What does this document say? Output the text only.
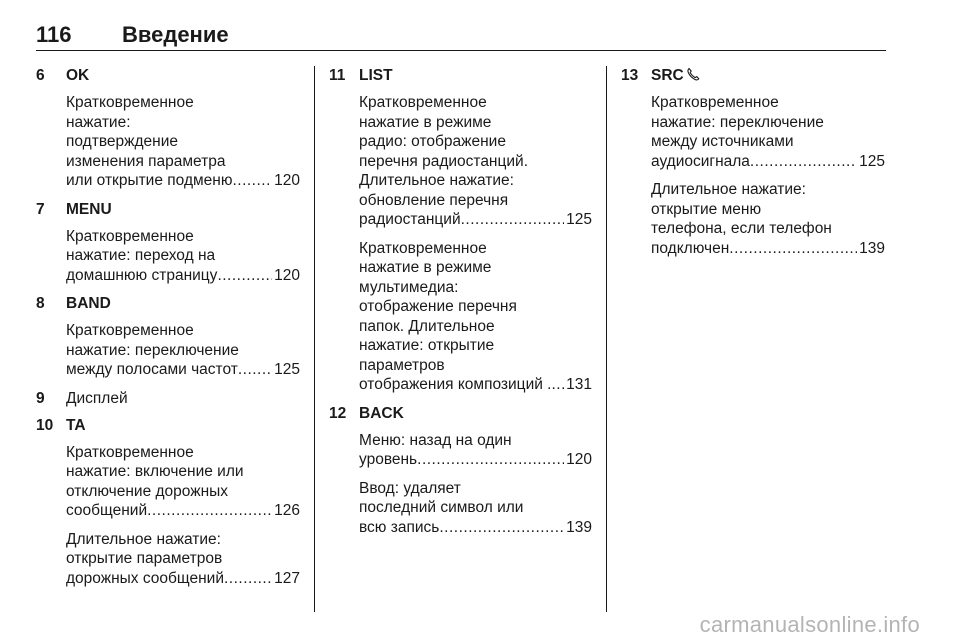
116 Введение
6 OK
Кратковременное
нажатие:
подтверждение
изменения параметра
или открытие подменю .....	120
7 MENU
Кратковременное
нажатие: переход на
домашнюю страницу .....	120
8 BAND
Кратковременное
нажатие: переключение
между полосами частот ..... 125
9 Дисплей
10 TA
Кратковременное
нажатие: включение или
отключение дорожных
сообщений .....	126
Длительное нажатие:
открытие параметров
дорожных сообщений .....	127
11 LIST
Кратковременное
нажатие в режиме
радио: отображение
перечня радиостанций.
Длительное нажатие:
обновление перечня
радиостанций .....	125
Кратковременное
нажатие в режиме
мультимедиа:
отображение перечня
папок. Длительное
нажатие: открытие
параметров
отображения композиций . ..... 131
12 BACK
Меню: назад на один
уровень .....	120
Ввод: удаляет
последний символ или
всю запись .....	139
13 SRC
Кратковременное
нажатие: переключение
между источниками
аудиосигнала .....	125
Длительное нажатие:
открытие меню
телефона, если телефон
подключен .....	139
carmanualsonline.info
